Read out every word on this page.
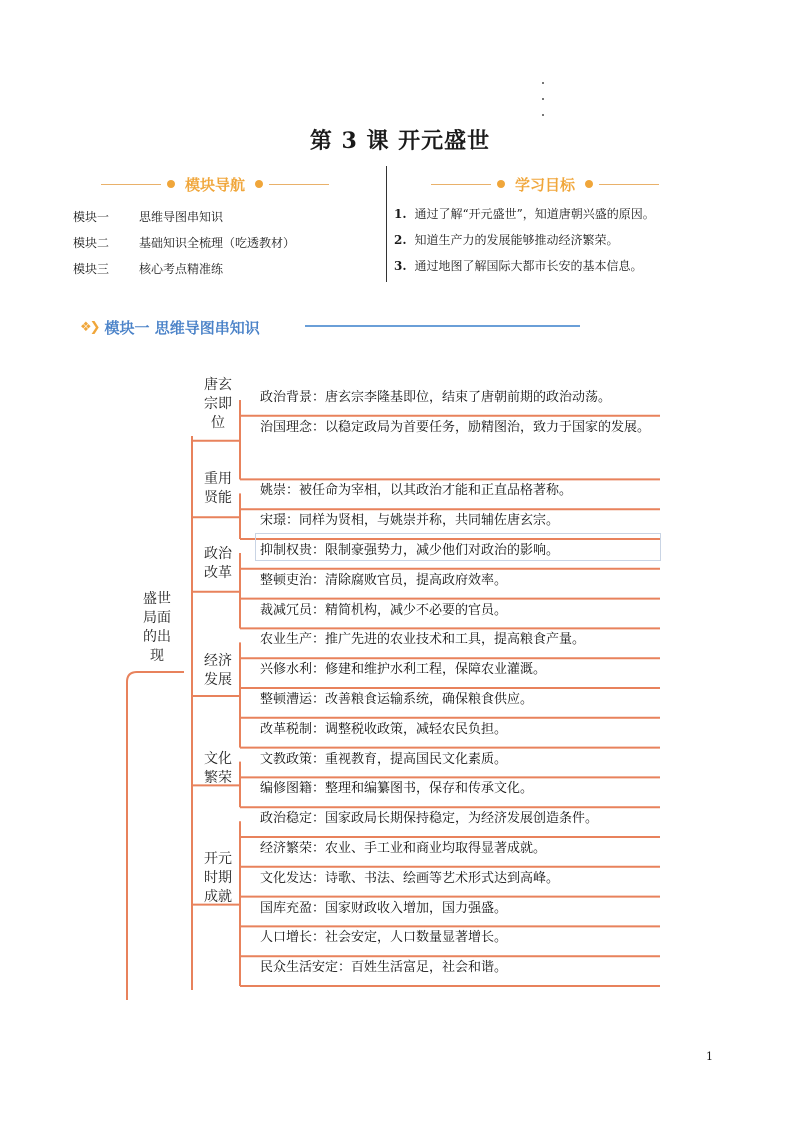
第 3 课 开元盛世
模块导航	学习目标
模块一	思维导图串知识
模块二	基础知识全梳理（吃透教材）
模块三	核心考点精准练
1. 通过了解“开元盛世”，知道唐朝兴盛的原因。
2. 知道生产力的发展能够推动经济繁荣。
3. 通过地图了解国际大都市长安的基本信息。
❖❯ 模块一 思维导图串知识
盛世
局面
的出
现
政治背景：唐玄宗李隆基即位，结束了唐朝前期的政治动荡。
治国理念：以稳定政局为首要任务，励精图治，致力于国家的发展。
唐玄
宗即
位
姚崇：被任命为宰相，以其政治才能和正直品格著称。
宋璟：同样为贤相，与姚崇并称，共同辅佐唐玄宗。
重用
贤能
抑制权贵：限制豪强势力，减少他们对政治的影响。
整顿吏治：清除腐败官员，提高政府效率。
裁减冗员：精简机构，减少不必要的官员。
政治
改革
农业生产：推广先进的农业技术和工具，提高粮食产量。
兴修水利：修建和维护水利工程，保障农业灌溉。
整顿漕运：改善粮食运输系统，确保粮食供应。
改革税制：调整税收政策，减轻农民负担。
经济
发展
文教政策：重视教育，提高国民文化素质。
编修图籍：整理和编纂图书，保存和传承文化。
文化
繁荣
政治稳定：国家政局长期保持稳定，为经济发展创造条件。
经济繁荣：农业、手工业和商业均取得显著成就。
文化发达：诗歌、书法、绘画等艺术形式达到高峰。
国库充盈：国家财政收入增加，国力强盛。
人口增长：社会安定，人口数量显著增长。
民众生活安定：百姓生活富足，社会和谐。
开元
时期
成就
1
